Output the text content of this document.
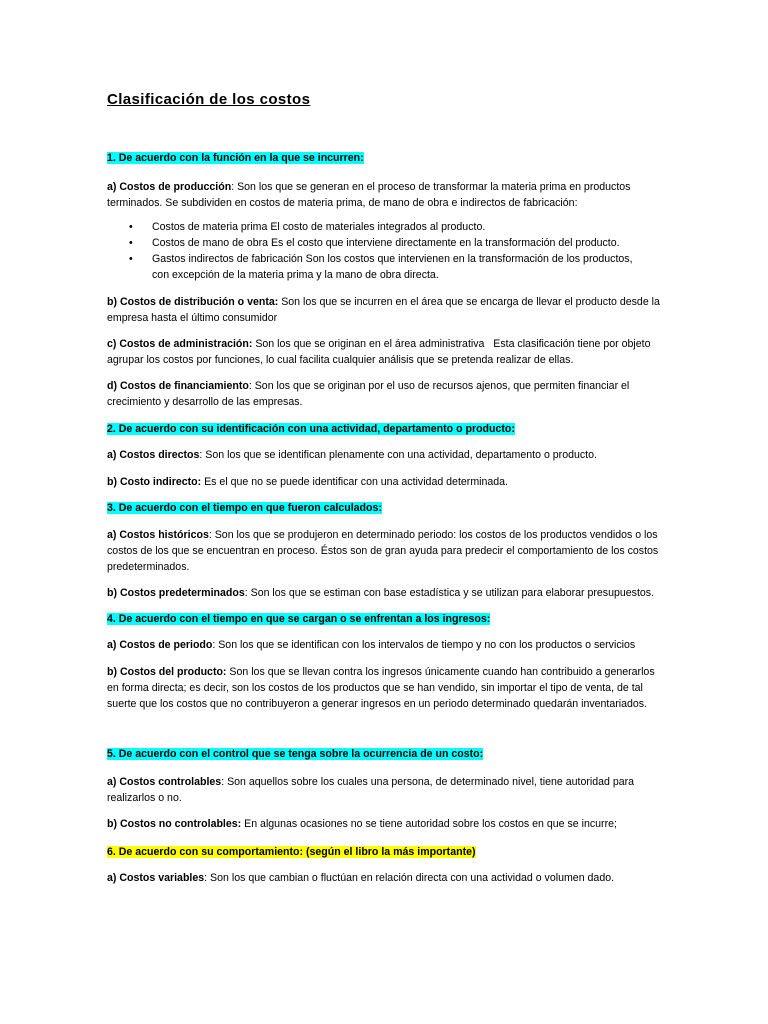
Clasificación de los costos

1. De acuerdo con la función en la que se incurren:

a) Costos de producción: Son los que se generan en el proceso de transformar la materia prima en productos terminados. Se subdividen en costos de materia prima, de mano de obra e indirectos de fabricación:

• Costos de materia prima El costo de materiales integrados al producto.
• Costos de mano de obra Es el costo que interviene directamente en la transformación del producto.
• Gastos indirectos de fabricación Son los costos que intervienen en la transformación de los productos, con excepción de la materia prima y la mano de obra directa.

b) Costos de distribución o venta: Son los que se incurren en el área que se encarga de llevar el producto desde la empresa hasta el último consumidor

c) Costos de administración: Son los que se originan en el área administrativa   Esta clasificación tiene por objeto agrupar los costos por funciones, lo cual facilita cualquier análisis que se pretenda realizar de ellas.

d) Costos de financiamiento: Son los que se originan por el uso de recursos ajenos, que permiten financiar el crecimiento y desarrollo de las empresas.

2. De acuerdo con su identificación con una actividad, departamento o producto:

a) Costos directos: Son los que se identifican plenamente con una actividad, departamento o producto.

b) Costo indirecto: Es el que no se puede identificar con una actividad determinada.

3. De acuerdo con el tiempo en que fueron calculados:

a) Costos históricos: Son los que se produjeron en determinado periodo: los costos de los productos vendidos o los costos de los que se encuentran en proceso. Éstos son de gran ayuda para predecir el comportamiento de los costos predeterminados.

b) Costos predeterminados: Son los que se estiman con base estadística y se utilizan para elaborar presupuestos.

4. De acuerdo con el tiempo en que se cargan o se enfrentan a los ingresos:

a) Costos de periodo: Son los que se identifican con los intervalos de tiempo y no con los productos o servicios

b) Costos del producto: Son los que se llevan contra los ingresos únicamente cuando han contribuido a generarlos en forma directa; es decir, son los costos de los productos que se han vendido, sin importar el tipo de venta, de tal suerte que los costos que no contribuyeron a generar ingresos en un periodo determinado quedarán inventariados.

5. De acuerdo con el control que se tenga sobre la ocurrencia de un costo:

a) Costos controlables: Son aquellos sobre los cuales una persona, de determinado nivel, tiene autoridad para realizarlos o no.

b) Costos no controlables: En algunas ocasiones no se tiene autoridad sobre los costos en que se incurre;

6. De acuerdo con su comportamiento: (según el libro la más importante)

a) Costos variables: Son los que cambian o fluctúan en relación directa con una actividad o volumen dado.
